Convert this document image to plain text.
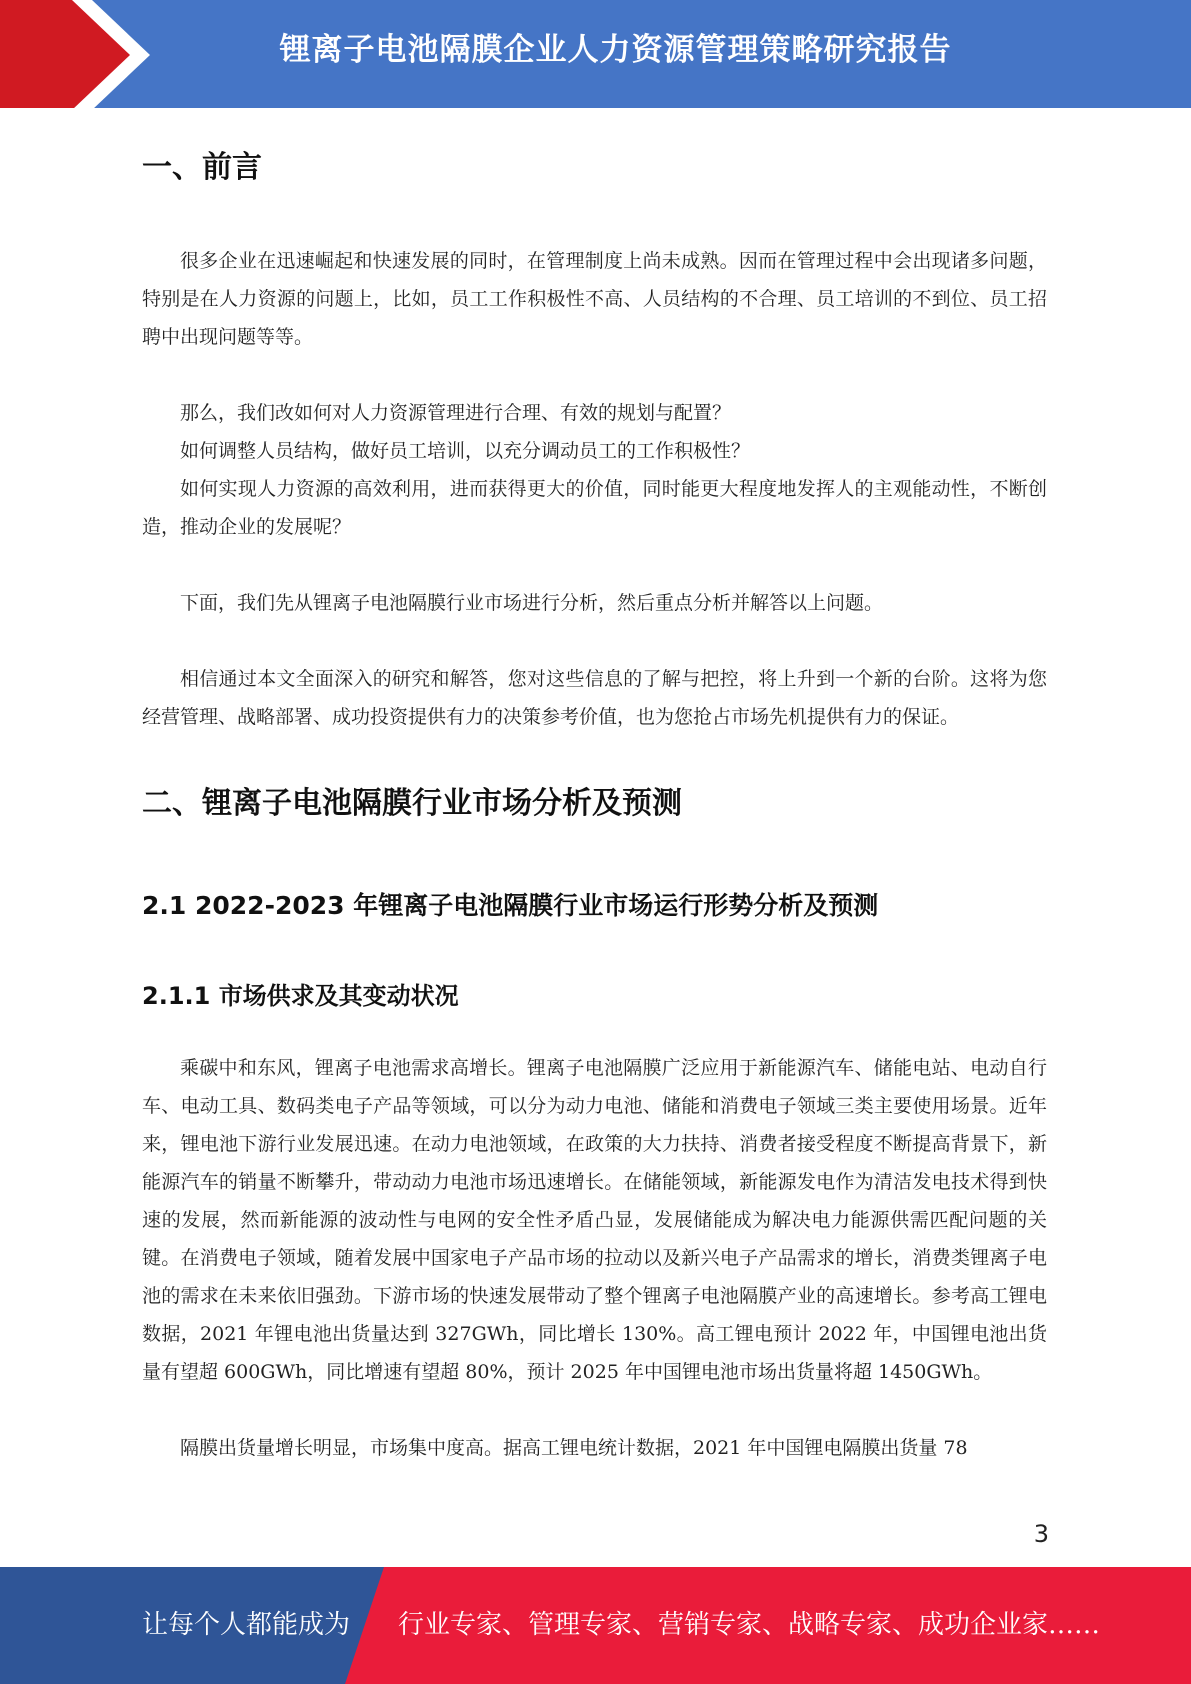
锂离子电池隔膜企业人力资源管理策略研究报告
一、前言

很多企业在迅速崛起和快速发展的同时，在管理制度上尚未成熟。因而在管理过程中会出现诸多问题，特别是在人力资源的问题上，比如，员工工作积极性不高、人员结构的不合理、员工培训的不到位、员工招聘中出现问题等等。

那么，我们改如何对人力资源管理进行合理、有效的规划与配置？

如何调整人员结构，做好员工培训，以充分调动员工的工作积极性？

如何实现人力资源的高效利用，进而获得更大的价值，同时能更大程度地发挥人的主观能动性，不断创造，推动企业的发展呢？

下面，我们先从锂离子电池隔膜行业市场进行分析，然后重点分析并解答以上问题。

相信通过本文全面深入的研究和解答，您对这些信息的了解与把控，将上升到一个新的台阶。这将为您经营管理、战略部署、成功投资提供有力的决策参考价值，也为您抢占市场先机提供有力的保证。

二、锂离子电池隔膜行业市场分析及预测
2.1 2022-2023 年锂离子电池隔膜行业市场运行形势分析及预测
2.1.1 市场供求及其变动状况

乘碳中和东风，锂离子电池需求高增长。锂离子电池隔膜广泛应用于新能源汽车、储能电站、电动自行车、电动工具、数码类电子产品等领域，可以分为动力电池、储能和消费电子领域三类主要使用场景。近年来，锂电池下游行业发展迅速。在动力电池领域，在政策的大力扶持、消费者接受程度不断提高背景下，新能源汽车的销量不断攀升，带动动力电池市场迅速增长。在储能领域，新能源发电作为清洁发电技术得到快速的发展，然而新能源的波动性与电网的安全性矛盾凸显，发展储能成为解决电力能源供需匹配问题的关键。在消费电子领域，随着发展中国家电子产品市场的拉动以及新兴电子产品需求的增长，消费类锂离子电池的需求在未来依旧强劲。下游市场的快速发展带动了整个锂离子电池隔膜产业的高速增长。参考高工锂电数据，2021 年锂电池出货量达到 327GWh，同比增长 130%。高工锂电预计 2022 年，中国锂电池出货量有望超 600GWh，同比增速有望超 80%，预计 2025 年中国锂电池市场出货量将超 1450GWh。

隔膜出货量增长明显，市场集中度高。据高工锂电统计数据，2021 年中国锂电隔膜出货量 78

3
让每个人都能成为 行业专家、管理专家、营销专家、战略专家、成功企业家……
